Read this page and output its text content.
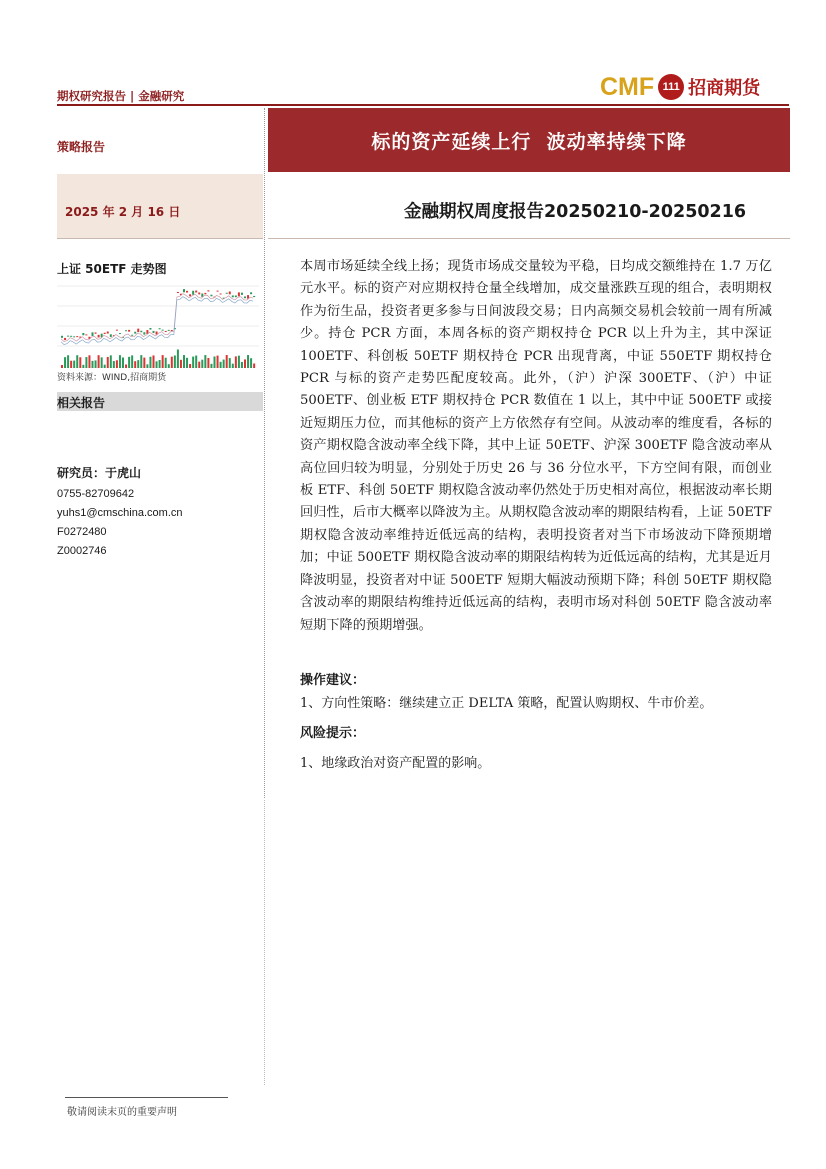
期权研究报告 | 金融研究	CMF 111 招商期货
策略报告	标的资产延续上行  波动率持续下降
2025 年 2 月 16 日	金融期权周度报告20250210-20250216
上证 50ETF 走势图
资料来源：WIND,招商期货
相关报告
研究员：于虎山
0755-82709642
yuhs1@cmschina.com.cn
F0272480
Z0002746

本周市场延续全线上扬；现货市场成交量较为平稳，日均成交额维持在 1.7 万亿元水平。标的资产对应期权持仓量全线增加，成交量涨跌互现的组合，表明期权作为衍生品，投资者更多参与日间波段交易；日内高频交易机会较前一周有所减少。持仓 PCR 方面，本周各标的资产期权持仓 PCR 以上升为主，其中深证 100ETF、科创板 50ETF 期权持仓 PCR 出现背离，中证 550ETF 期权持仓 PCR 与标的资产走势匹配度较高。此外，（沪）沪深 300ETF、（沪）中证 500ETF、创业板 ETF 期权持仓 PCR 数值在 1 以上，其中中证 500ETF 或接近短期压力位，而其他标的资产上方依然存有空间。从波动率的维度看，各标的资产期权隐含波动率全线下降，其中上证 50ETF、沪深 300ETF 隐含波动率从高位回归较为明显，分别处于历史 26 与 36 分位水平，下方空间有限，而创业板 ETF、科创 50ETF 期权隐含波动率仍然处于历史相对高位，根据波动率长期回归性，后市大概率以降波为主。从期权隐含波动率的期限结构看，上证 50ETF 期权隐含波动率维持近低远高的结构，表明投资者对当下市场波动下降预期增加；中证 500ETF 期权隐含波动率的期限结构转为近低远高的结构，尤其是近月降波明显，投资者对中证 500ETF 短期大幅波动预期下降；科创 50ETF 期权隐含波动率的期限结构维持近低远高的结构，表明市场对科创 50ETF 隐含波动率短期下降的预期增强。

操作建议：
1、方向性策略：继续建立正 DELTA 策略，配置认购期权、牛市价差。
风险提示：
1、地缘政治对资产配置的影响。
敬请阅读末页的重要声明
